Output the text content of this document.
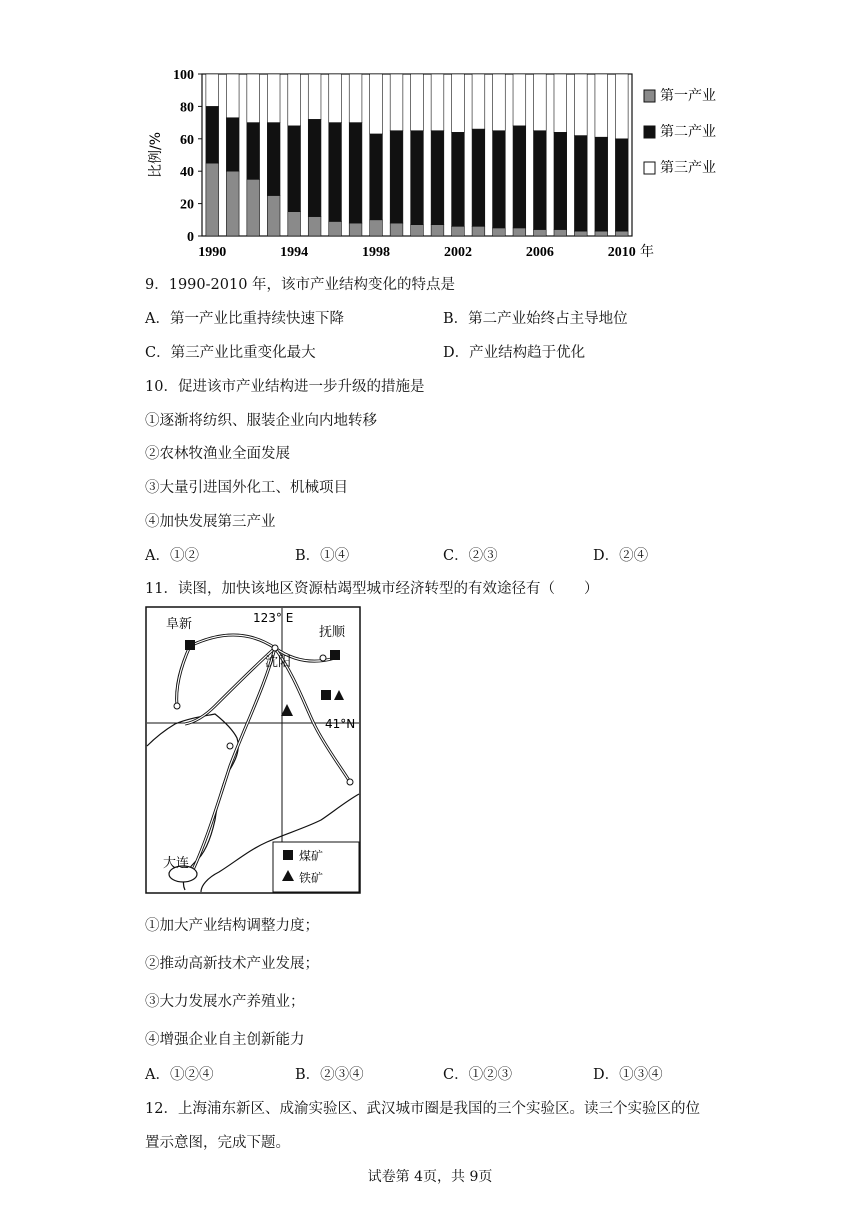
0
20
40
60
80
100
比例/%
1990	1994	1998	2002	2006	2010 年
第一产业
第二产业
第三产业
9．1990-2010 年，该市产业结构变化的特点是
A．第一产业比重持续快速下降	B．第二产业始终占主导地位
C．第三产业比重变化最大	D．产业结构趋于优化
10．促进该市产业结构进一步升级的措施是
①逐渐将纺织、服装企业向内地转移
②农林牧渔业全面发展
③大量引进国外化工、机械项目
④加快发展第三产业
A．①②	B．①④	C．②③	D．②④
11．读图，加快该地区资源枯竭型城市经济转型的有效途径有（　　）
阜新	123° E
抚顺
沈阳
41°N
大连	煤矿
铁矿
①加大产业结构调整力度；
②推动高新技术产业发展；
③大力发展水产养殖业；
④增强企业自主创新能力
A．①②④	B．②③④	C．①②③	D．①③④
12．上海浦东新区、成渝实验区、武汉城市圈是我国的三个实验区。读三个实验区的位
置示意图，完成下题。
试卷第 4页，共 9页
